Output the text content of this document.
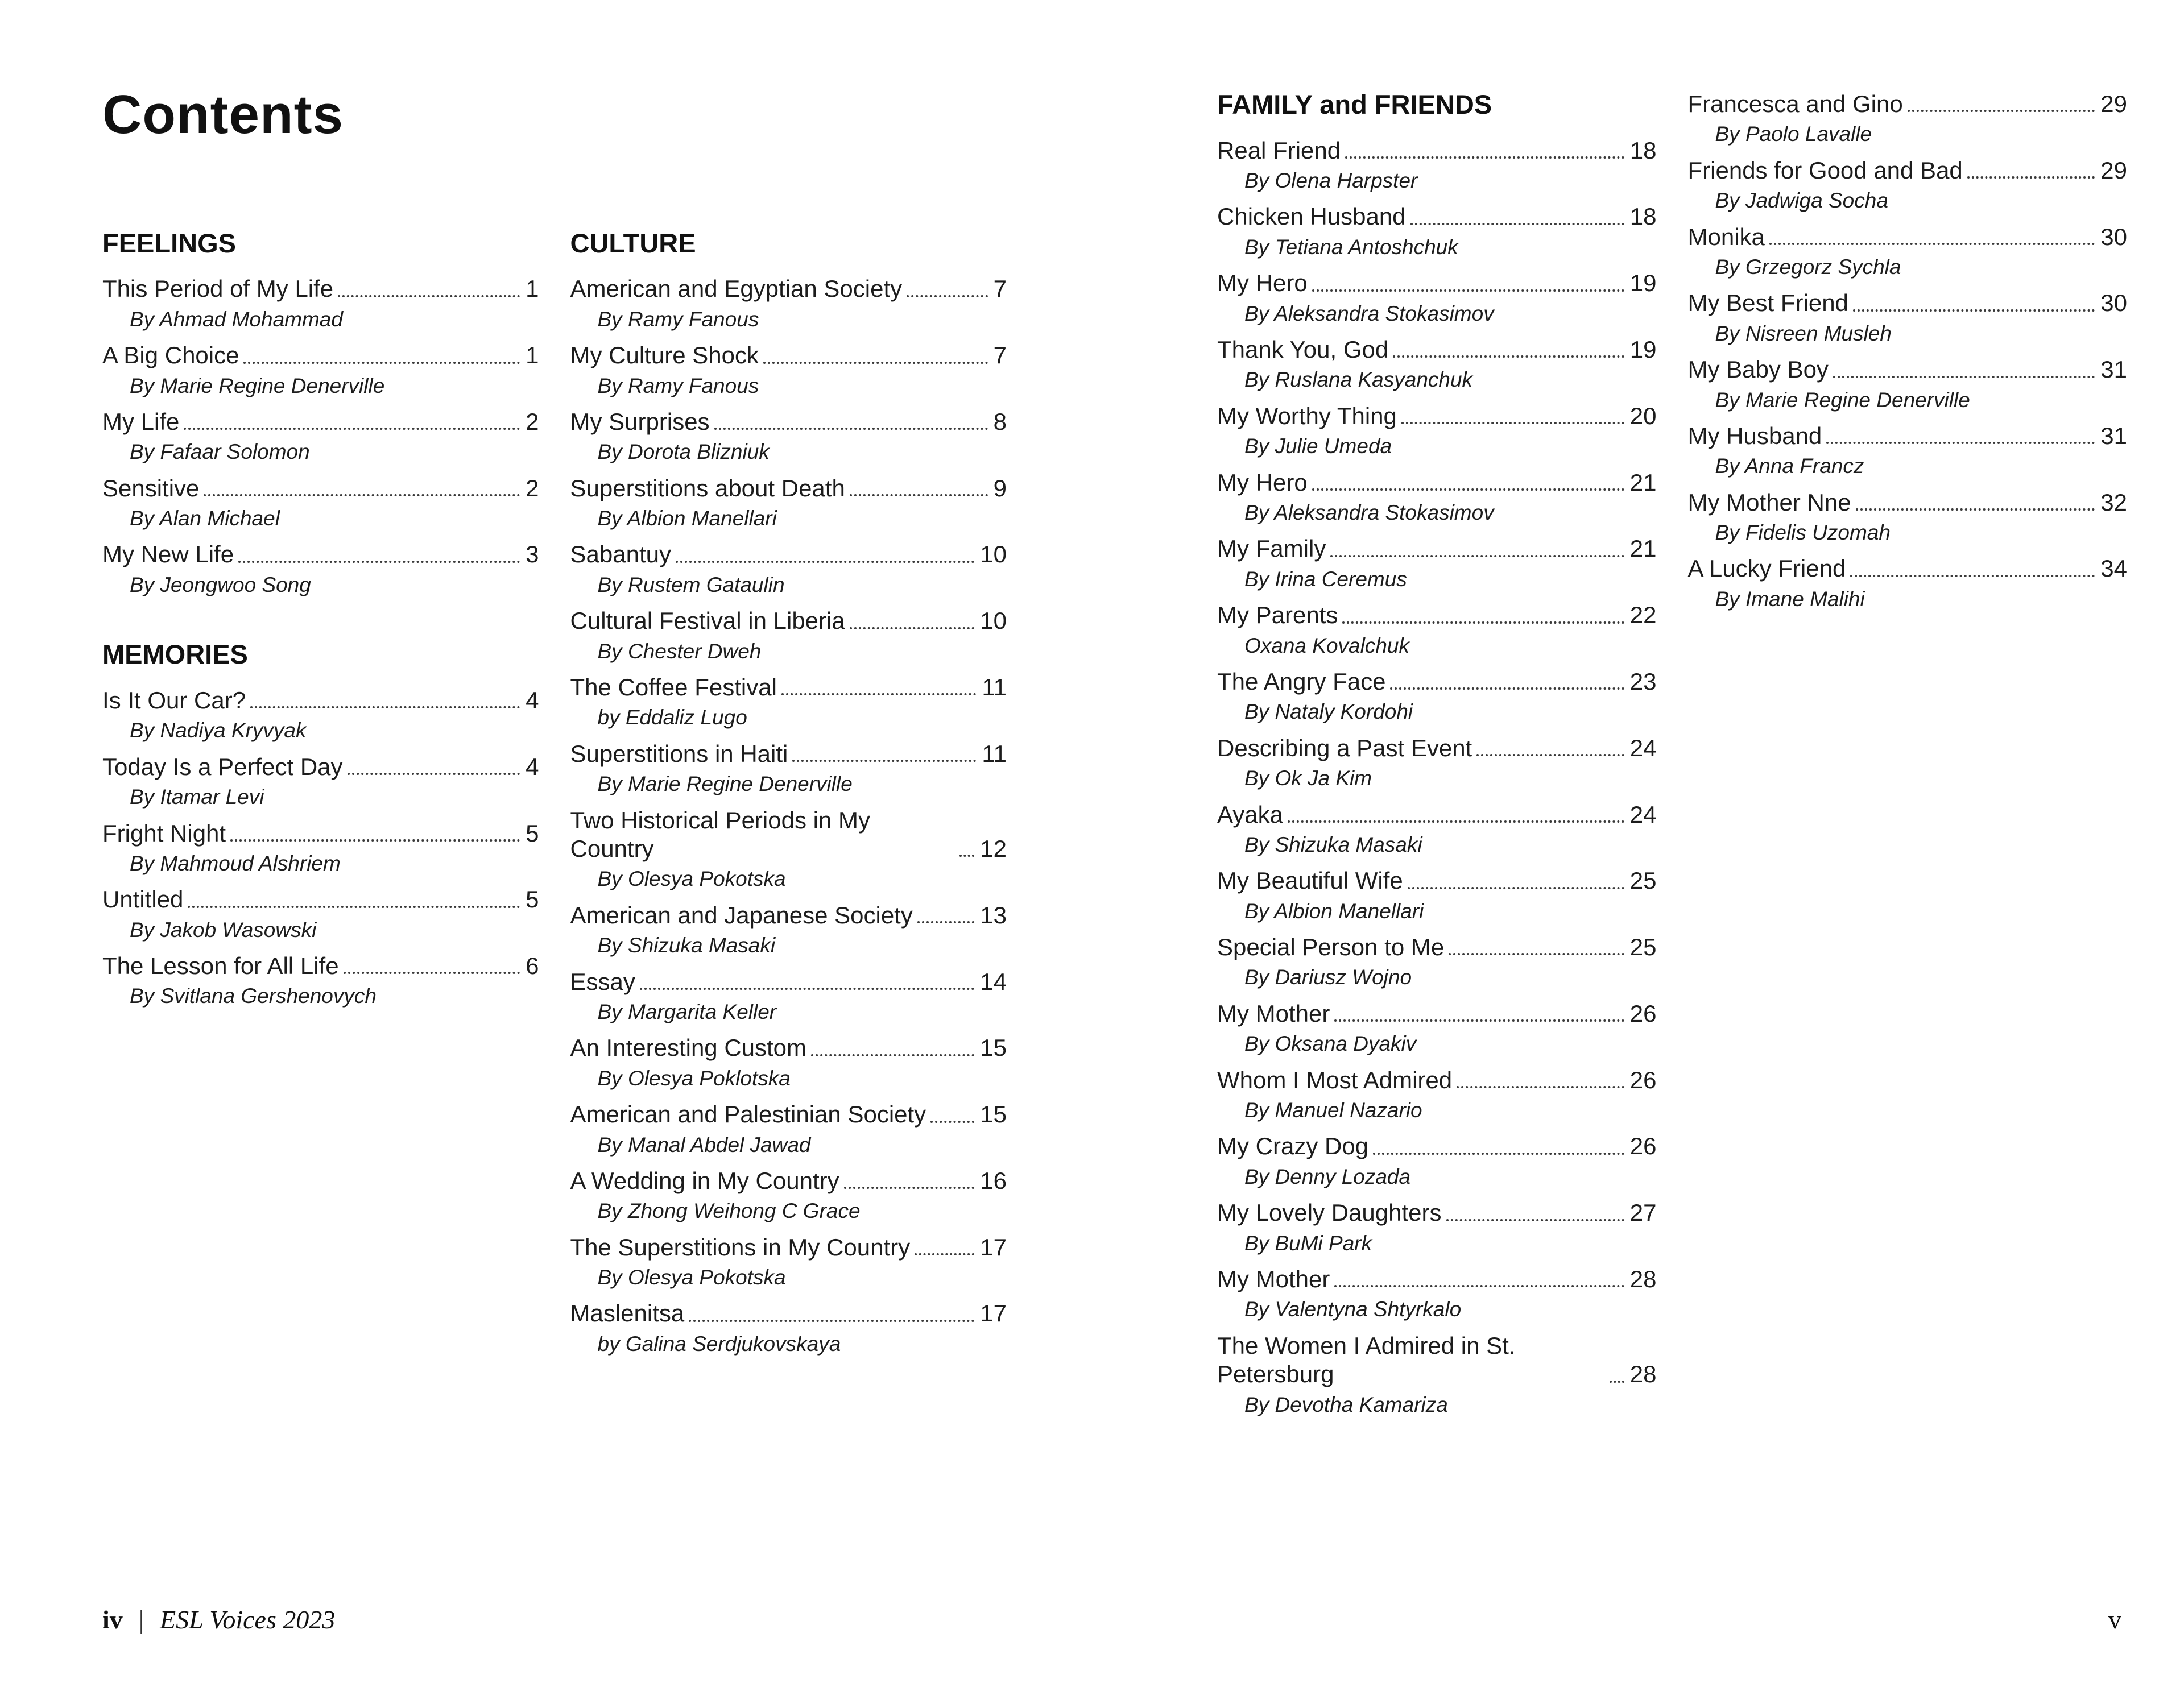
Contents
FEELINGS
This Period of My Life	1
By Ahmad Mohammad
A Big Choice	1
By Marie Regine Denerville
My Life	2
By Fafaar Solomon
Sensitive	2
By Alan Michael
My New Life	3
By Jeongwoo Song
MEMORIES
Is It Our Car?	4
By Nadiya Kryvyak
Today Is a Perfect Day	4
By Itamar Levi
Fright Night	5
By Mahmoud Alshriem
Untitled	5
By Jakob Wasowski
The Lesson for All Life	6
By Svitlana Gershenovych
CULTURE
American and Egyptian Society	7
By Ramy Fanous
My Culture Shock	7
By Ramy Fanous
My Surprises	8
By Dorota Blizniuk
Superstitions about Death	9
By Albion Manellari
Sabantuy	10
By Rustem Gataulin
Cultural Festival in Liberia	10
By Chester Dweh
The Coffee Festival	11
by Eddaliz Lugo
Superstitions in Haiti	11
By Marie Regine Denerville
Two Historical Periods in My Country	12
By Olesya Pokotska
American and Japanese Society	13
By Shizuka Masaki
Essay	14
By Margarita Keller
An Interesting Custom	15
By Olesya Poklotska
American and Palestinian Society 15
By Manal Abdel Jawad
A Wedding in My Country	16
By Zhong Weihong C Grace
The Superstitions in My Country	17
By Olesya Pokotska
Maslenitsa	17
by Galina Serdjukovskaya
FAMILY and FRIENDS
Real Friend	18
By Olena Harpster
Chicken Husband	18
By Tetiana Antoshchuk
My Hero	19
By Aleksandra Stokasimov
Thank You, God	19
By Ruslana Kasyanchuk
My Worthy Thing	20
By Julie Umeda
My Hero	21
By Aleksandra Stokasimov
My Family	21
By Irina Ceremus
My Parents	22
Oxana Kovalchuk
The Angry Face	23
By Nataly Kordohi
Describing a Past Event	24
By Ok Ja Kim
Ayaka	24
By Shizuka Masaki
My Beautiful Wife	25
By Albion Manellari
Special Person to Me	25
By Dariusz Wojno
My Mother	26
By Oksana Dyakiv
Whom I Most Admired	26
By Manuel Nazario
My Crazy Dog	26
By Denny Lozada
My Lovely Daughters	27
By BuMi Park
My Mother	28
By Valentyna Shtyrkalo
The Women I Admired in St. Petersburg	28
By Devotha Kamariza
Francesca and Gino	29
By Paolo Lavalle
Friends for Good and Bad	29
By Jadwiga Socha
Monika	30
By Grzegorz Sychla
My Best Friend	30
By Nisreen Musleh
My Baby Boy	31
By Marie Regine Denerville
My Husband	31
By Anna Francz
My Mother Nne	32
By Fidelis Uzomah
A Lucky Friend	34
By Imane Malihi
iv | ESL Voices 2023	v
